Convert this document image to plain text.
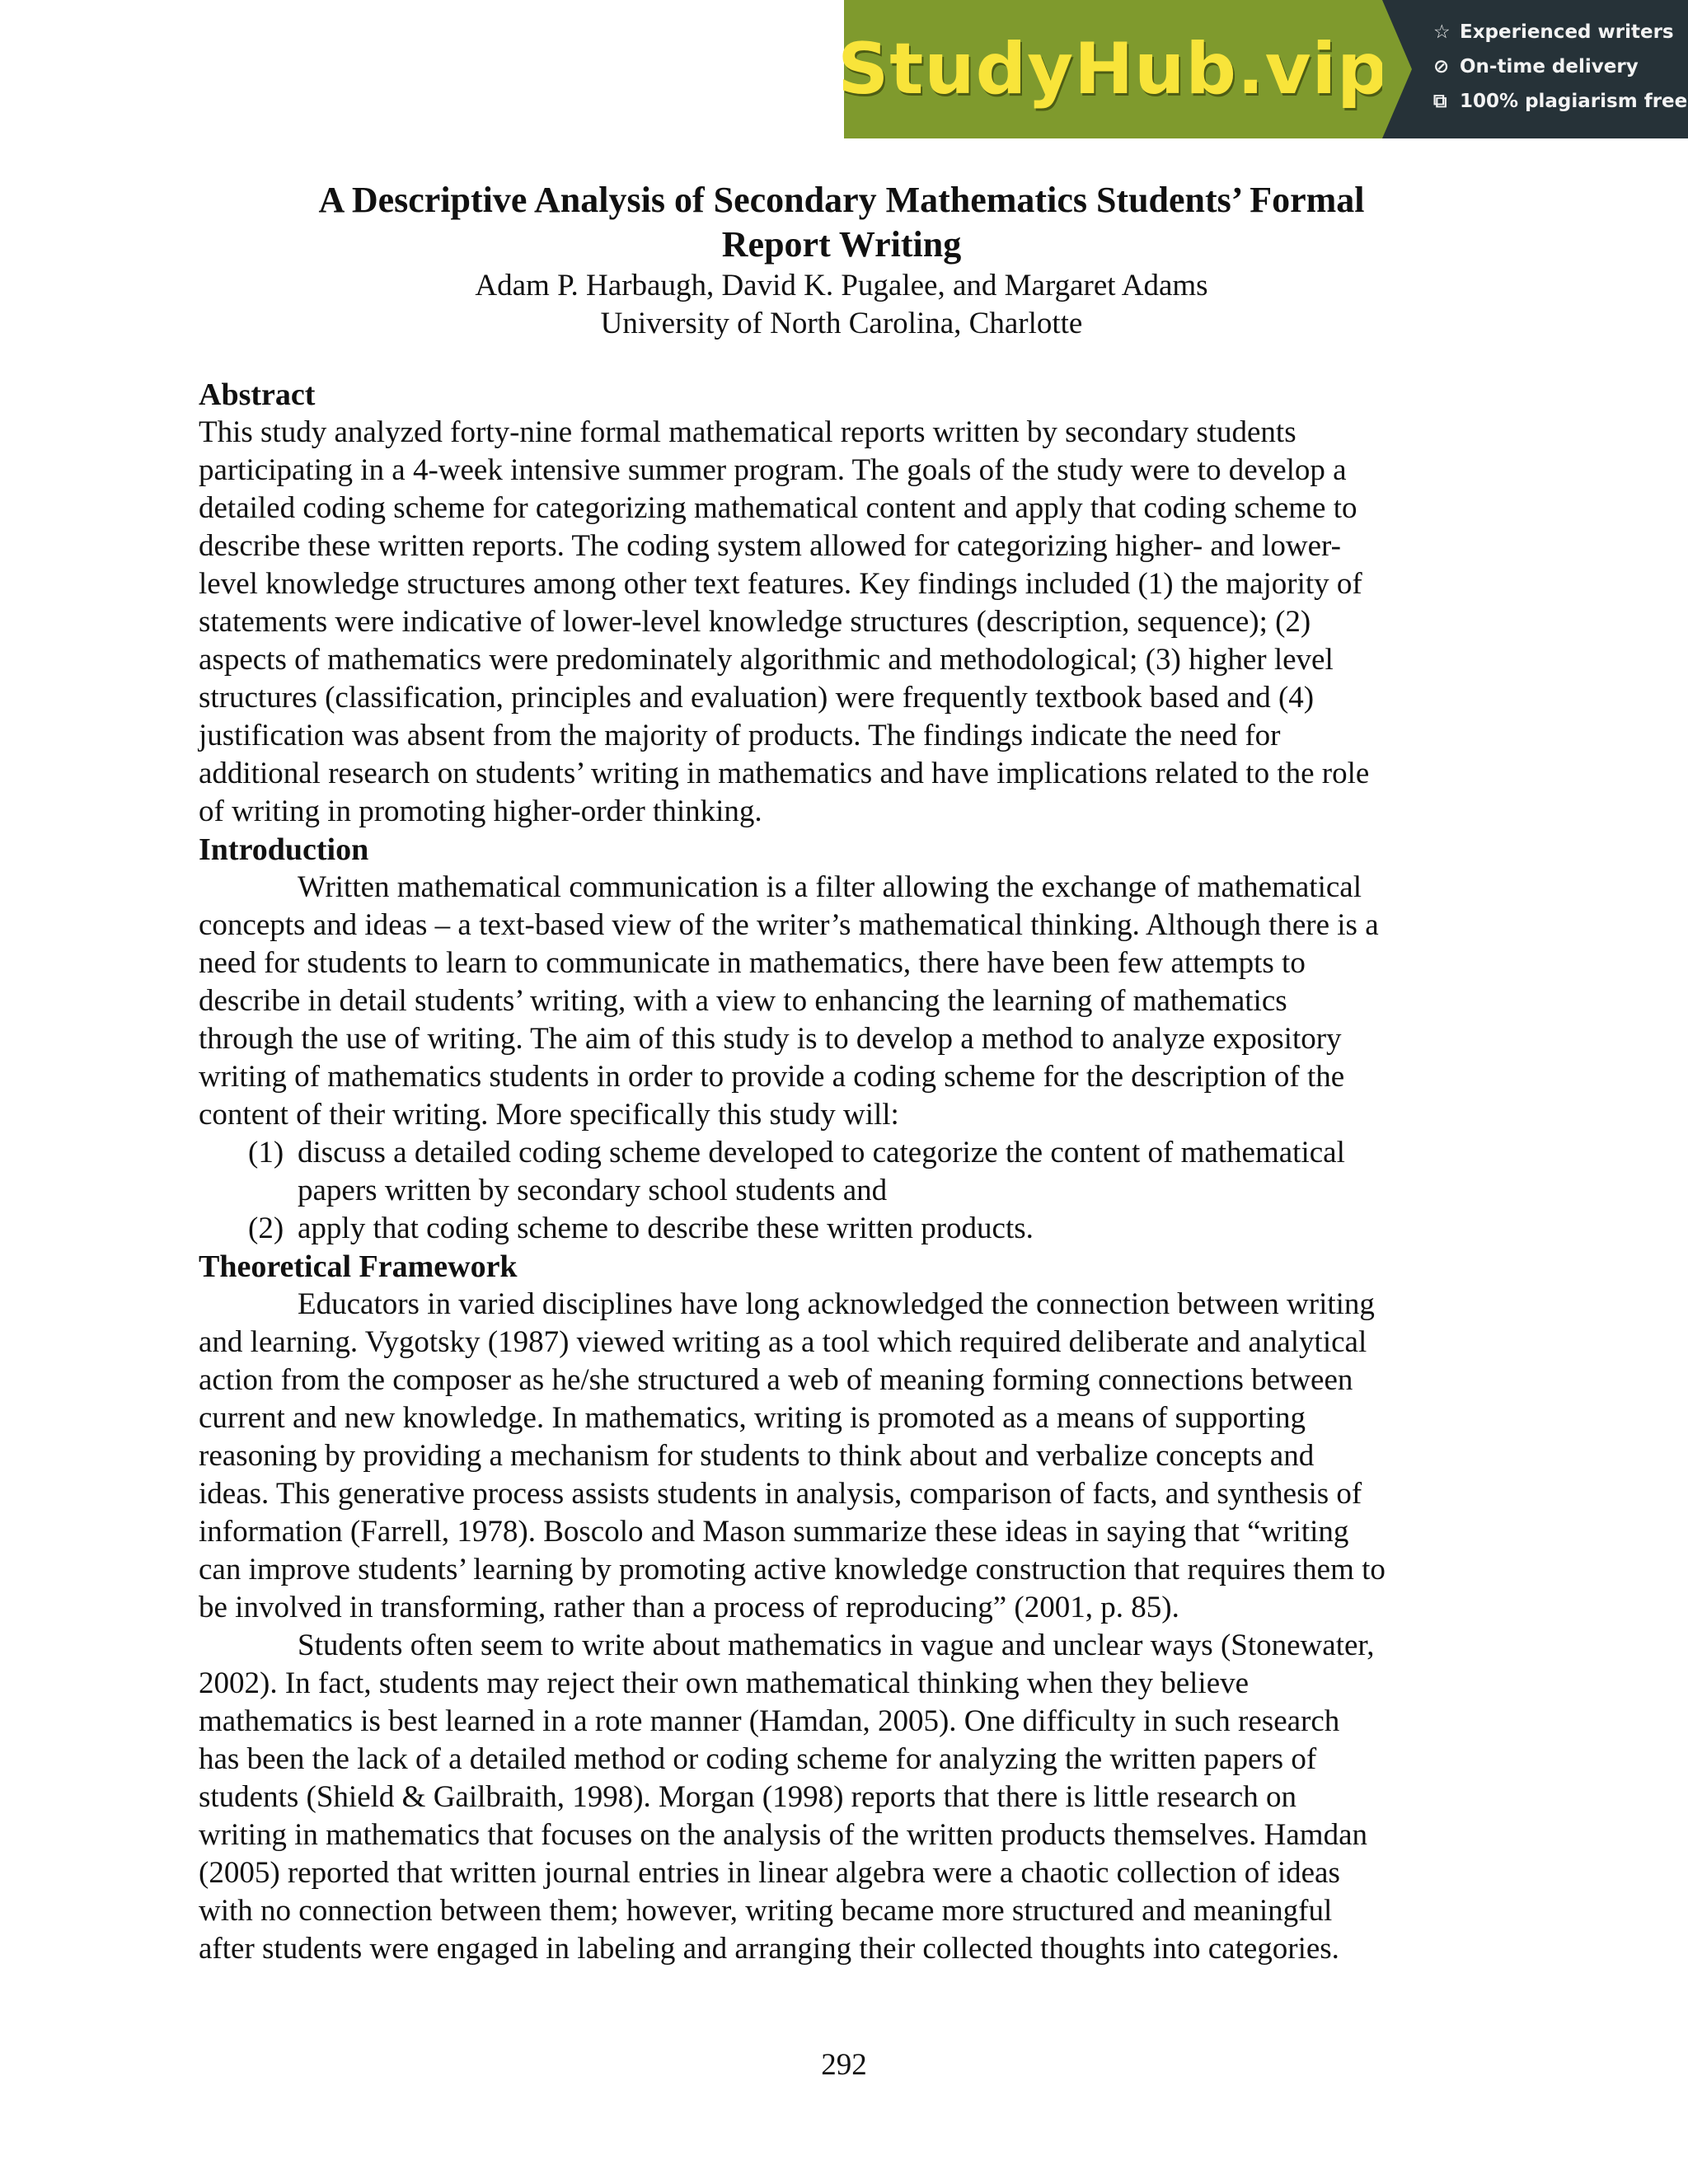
StudyHub.vip ☆ Experienced writers
⊘ On-time delivery
⧉ 100% plagiarism free
A Descriptive Analysis of Secondary Mathematics Students’ Formal
Report Writing
Adam P. Harbaugh, David K. Pugalee, and Margaret Adams
University of North Carolina, Charlotte
Abstract
This study analyzed forty-nine formal mathematical reports written by secondary students
participating in a 4-week intensive summer program. The goals of the study were to develop a
detailed coding scheme for categorizing mathematical content and apply that coding scheme to
describe these written reports. The coding system allowed for categorizing higher- and lower-
level knowledge structures among other text features. Key findings included (1) the majority of
statements were indicative of lower-level knowledge structures (description, sequence); (2)
aspects of mathematics were predominately algorithmic and methodological; (3) higher level
structures (classification, principles and evaluation) were frequently textbook based and (4)
justification was absent from the majority of products. The findings indicate the need for
additional research on students’ writing in mathematics and have implications related to the role
of writing in promoting higher-order thinking.
Introduction
Written mathematical communication is a filter allowing the exchange of mathematical
concepts and ideas – a text-based view of the writer’s mathematical thinking. Although there is a
need for students to learn to communicate in mathematics, there have been few attempts to
describe in detail students’ writing, with a view to enhancing the learning of mathematics
through the use of writing. The aim of this study is to develop a method to analyze expository
writing of mathematics students in order to provide a coding scheme for the description of the
content of their writing. More specifically this study will:
(1) discuss a detailed coding scheme developed to categorize the content of mathematical
papers written by secondary school students and
(2) apply that coding scheme to describe these written products.
Theoretical Framework
Educators in varied disciplines have long acknowledged the connection between writing
and learning. Vygotsky (1987) viewed writing as a tool which required deliberate and analytical
action from the composer as he/she structured a web of meaning forming connections between
current and new knowledge. In mathematics, writing is promoted as a means of supporting
reasoning by providing a mechanism for students to think about and verbalize concepts and
ideas. This generative process assists students in analysis, comparison of facts, and synthesis of
information (Farrell, 1978). Boscolo and Mason summarize these ideas in saying that “writing
can improve students’ learning by promoting active knowledge construction that requires them to
be involved in transforming, rather than a process of reproducing” (2001, p. 85).
Students often seem to write about mathematics in vague and unclear ways (Stonewater,
2002). In fact, students may reject their own mathematical thinking when they believe
mathematics is best learned in a rote manner (Hamdan, 2005). One difficulty in such research
has been the lack of a detailed method or coding scheme for analyzing the written papers of
students (Shield & Gailbraith, 1998). Morgan (1998) reports that there is little research on
writing in mathematics that focuses on the analysis of the written products themselves. Hamdan
(2005) reported that written journal entries in linear algebra were a chaotic collection of ideas
with no connection between them; however, writing became more structured and meaningful
after students were engaged in labeling and arranging their collected thoughts into categories.
292
